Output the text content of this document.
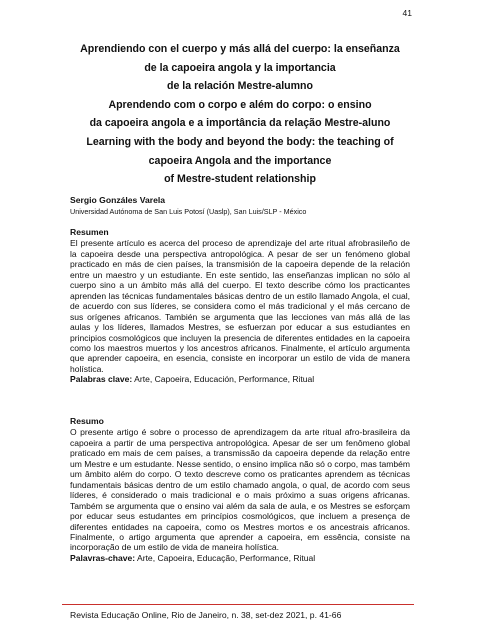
41

Aprendiendo con el cuerpo y más allá del cuerpo: la enseñanza

de la capoeira angola y la importancia

de la relación Mestre-alumno

Aprendendo com o corpo e além do corpo: o ensino

da capoeira angola e a importância da relação Mestre-aluno

Learning with the body and beyond the body: the teaching of

capoeira Angola and the importance

of Mestre-student relationship

Sergio Gonzáles Varela

Universidad Autónoma de San Luis Potosí (Uaslp), San Luis/SLP - México

Resumen

El presente artículo es acerca del proceso de aprendizaje del arte ritual afrobrasileño de la capoeira desde una perspectiva antropológica. A pesar de ser un fenómeno global practicado en más de cien países, la transmisión de la capoeira depende de la relación entre un maestro y un estudiante. En este sentido, las enseñanzas implican no sólo al cuerpo sino a un ámbito más allá del cuerpo. El texto describe cómo los practicantes aprenden las técnicas fundamentales básicas dentro de un estilo llamado Angola, el cual, de acuerdo con sus líderes, se considera como el más tradicional y el más cercano de sus orígenes africanos. También se argumenta que las lecciones van más allá de las aulas y los líderes, llamados Mestres, se esfuerzan por educar a sus estudiantes en principios cosmológicos que incluyen la presencia de diferentes entidades en la capoeira como los maestros muertos y los ancestros africanos. Finalmente, el artículo argumenta que aprender capoeira, en esencia, consiste en incorporar un estilo de vida de manera holística.

Palabras clave: Arte, Capoeira, Educación, Performance, Ritual

Resumo

O presente artigo é sobre o processo de aprendizagem da arte ritual afro-brasileira da capoeira a partir de uma perspectiva antropológica. Apesar de ser um fenômeno global praticado em mais de cem países, a transmissão da capoeira depende da relação entre um Mestre e um estudante. Nesse sentido, o ensino implica não só o corpo, mas também um âmbito além do corpo. O texto descreve como os praticantes aprendem as técnicas fundamentais básicas dentro de um estilo chamado angola, o qual, de acordo com seus líderes, é considerado o mais tradicional e o mais próximo a suas origens africanas. Também se argumenta que o ensino vai além da sala de aula, e os Mestres se esforçam por educar seus estudantes em princípios cosmológicos, que incluem a presença de diferentes entidades na capoeira, como os Mestres mortos e os ancestrais africanos. Finalmente, o artigo argumenta que aprender a capoeira, em essência, consiste na incorporação de um estilo de vida de maneira holística.

Palavras-chave: Arte, Capoeira, Educação, Performance, Ritual

Revista Educação Online, Rio de Janeiro, n. 38, set-dez 2021, p. 41-66
